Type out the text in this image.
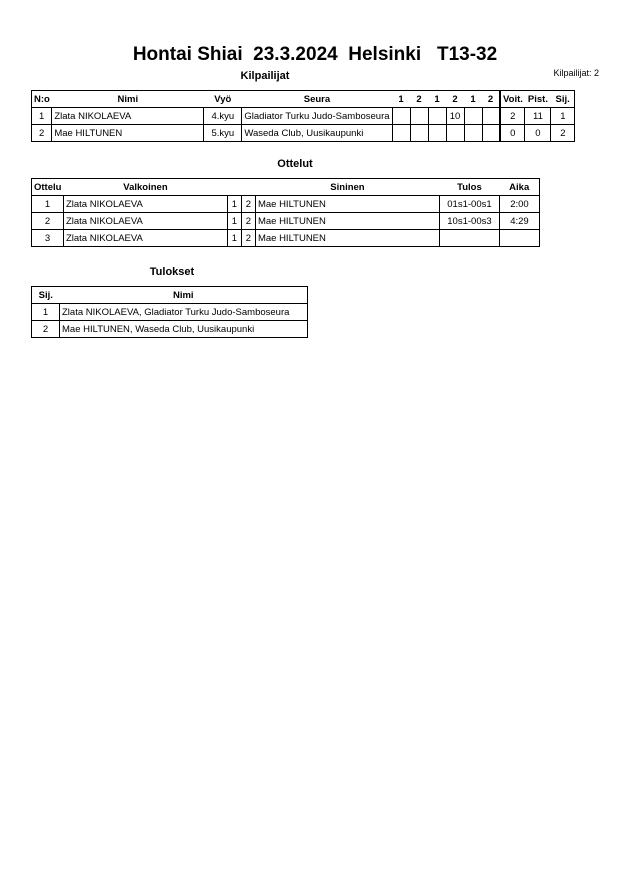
Hontai Shiai  23.3.2024  Helsinki   T13-32
Kilpailijat	Kilpailijat: 2
N:o	Nimi	Vyö	Seura	1	2	1	2	1	2	Voit.	Pist.	Sij.
1	Zlata NIKOLAEVA	4.kyu	Gladiator Turku Judo-Samboseura				10			2	11	1
2	Mae HILTUNEN	5.kyu	Waseda Club, Uusikaupunki							0	0	2
Ottelut
Ottelu	Valkoinen			Sininen	Tulos	Aika
1	Zlata NIKOLAEVA	1	2	Mae HILTUNEN	01s1-00s1	2:00
2	Zlata NIKOLAEVA	1	2	Mae HILTUNEN	10s1-00s3	4:29
3	Zlata NIKOLAEVA	1	2	Mae HILTUNEN		
Tulokset
Sij.	Nimi
1	Zlata NIKOLAEVA, Gladiator Turku Judo-Samboseura
2	Mae HILTUNEN, Waseda Club, Uusikaupunki
